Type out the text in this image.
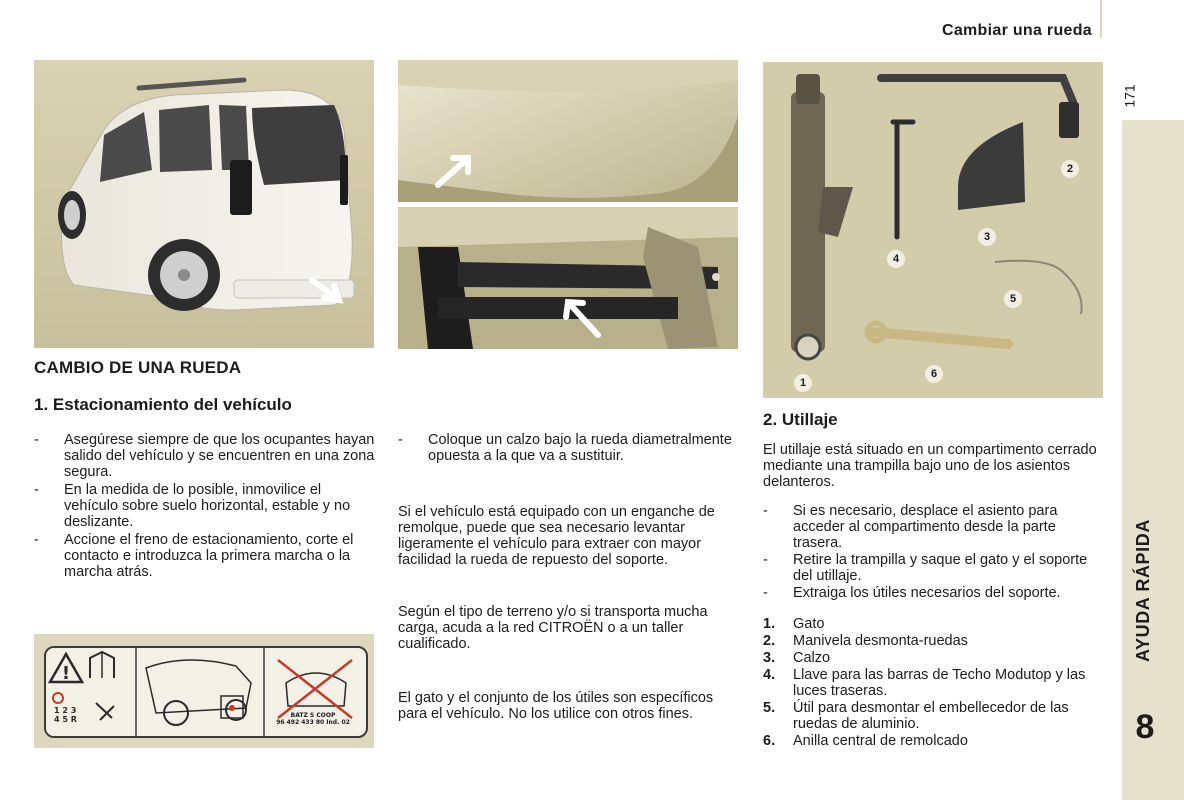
Cambiar una rueda
171
AYUDA RÁPIDA
8
1
2
3
4
5
6
CAMBIO DE UNA RUEDA
1. Estacionamiento del vehículo
- Asegúrese siempre de que los ocupantes hayan salido del vehículo y se encuentren en una zona segura.
- En la medida de lo posible, inmovilice el vehículo sobre suelo horizontal, estable y no deslizante.
- Accione el freno de estacionamiento, corte el contacto e introduzca la primera marcha o la marcha atrás.
!
1 2 3
4 5 R	BATZ S COOP
96 492 433 80 Ind. 02
- Coloque un calzo bajo la rueda diametralmente opuesta a la que va a sustituir.

Si el vehículo está equipado con un enganche de remolque, puede que sea necesario levantar ligeramente el vehículo para extraer con mayor facilidad la rueda de repuesto del soporte.

Según el tipo de terreno y/o si transporta mucha carga, acuda a la red CITROËN o a un taller cualificado.

El gato y el conjunto de los útiles son específicos para el vehículo. No los utilice con otros fines.

2. Utillaje

El utillaje está situado en un compartimento cerrado mediante una trampilla bajo uno de los asientos delanteros.

- Si es necesario, desplace el asiento para acceder al compartimento desde la parte trasera.
- Retire la trampilla y saque el gato y el soporte del utillaje.
- Extraiga los útiles necesarios del soporte.
1. Gato
2. Manivela desmonta-ruedas
3. Calzo
4. Llave para las barras de Techo Modutop y las luces traseras.
5. Útil para desmontar el embellecedor de las ruedas de aluminio.
6. Anilla central de remolcado
